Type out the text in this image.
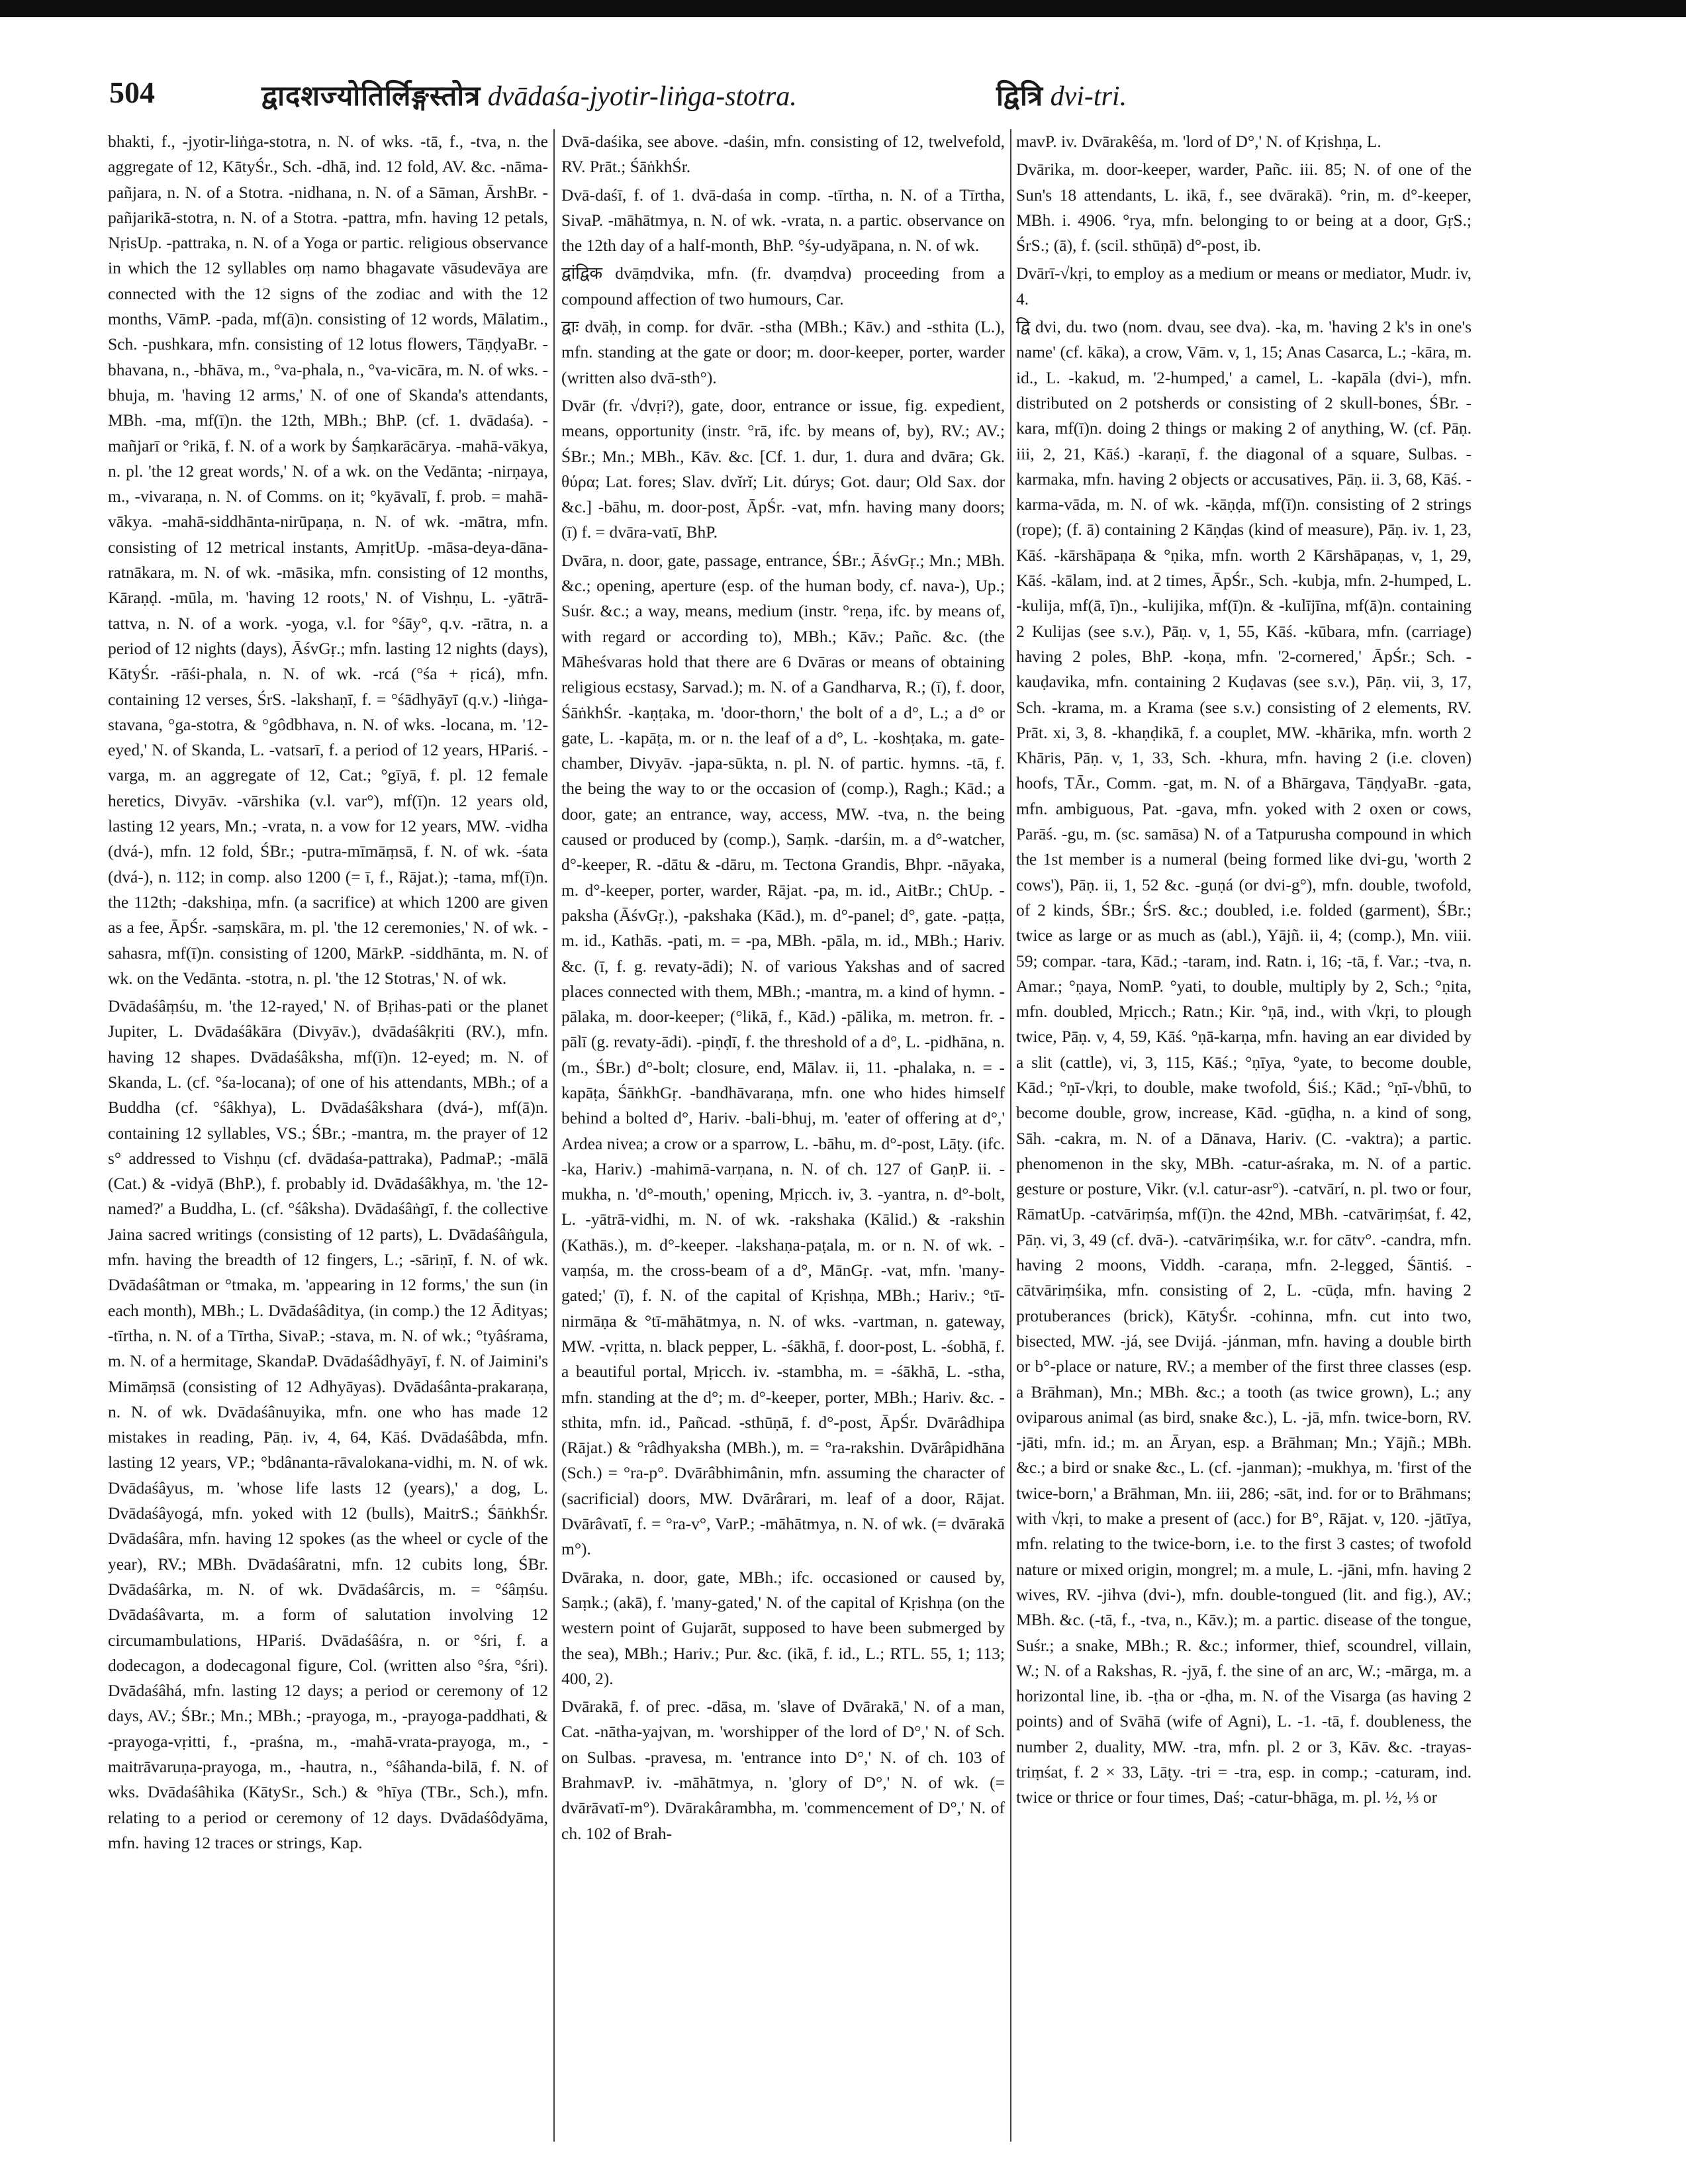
504	द्वादशज्योतिर्लिङ्गस्तोत्र dvādaśa-jyotir-liṅga-stotra.	द्वित्रि dvi-tri.

bhakti, f., -jyotir-liṅga-stotra, n. N. of wks. -tā, f., -tva, n. the aggregate of 12, KātyŚr., Sch. -dhā, ind. 12 fold, AV. &c. -nāma-pañjara, n. N. of a Stotra. -nidhana, n. N. of a Sāman, ĀrshBr. -pañjarikā-stotra, n. N. of a Stotra. -pattra, mfn. having 12 petals, NṛisUp. -pattraka, n. N. of a Yoga or partic. religious observance in which the 12 syllables oṃ namo bhagavate vāsudevāya are connected with the 12 signs of the zodiac and with the 12 months, VāmP. -pada, mf(ā)n. consisting of 12 words, Mālatim., Sch. -pushkara, mfn. consisting of 12 lotus flowers, TāṇḍyaBr. -bhavana, n., -bhāva, m., °va-phala, n., °va-vicāra, m. N. of wks. -bhuja, m. 'having 12 arms,' N. of one of Skanda's attendants, MBh. -ma, mf(ī)n. the 12th, MBh.; BhP. (cf. 1. dvādaśa). -mañjarī or °rikā, f. N. of a work by Śaṃkarācārya. -mahā-vākya, n. pl. 'the 12 great words,' N. of a wk. on the Vedānta; -nirṇaya, m., -vivaraṇa, n. N. of Comms. on it; °kyāvalī, f. prob. = mahā-vākya. -mahā-siddhānta-nirūpaṇa, n. N. of wk. -mātra, mfn. consisting of 12 metrical instants, AmṛitUp. -māsa-deya-dāna-ratnākara, m. N. of wk. -māsika, mfn. consisting of 12 months, Kāraṇḍ. -mūla, m. 'having 12 roots,' N. of Vishṇu, L. -yātrā-tattva, n. N. of a work. -yoga, v.l. for °śāy°, q.v. -rātra, n. a period of 12 nights (days), ĀśvGṛ.; mfn. lasting 12 nights (days), KātyŚr. -rāśi-phala, n. N. of wk. -rcá (°śa + ṛicá), mfn. containing 12 verses, ŚrS. -lakshaṇī, f. = °śādhyāyī (q.v.) -liṅga-stavana, °ga-stotra, & °gôdbhava, n. N. of wks. -locana, m. '12-eyed,' N. of Skanda, L. -vatsarī, f. a period of 12 years, HPariś. -varga, m. an aggregate of 12, Cat.; °gīyā, f. pl. 12 female heretics, Divyāv. -vārshika (v.l. var°), mf(ī)n. 12 years old, lasting 12 years, Mn.; -vrata, n. a vow for 12 years, MW. -vidha (dvá-), mfn. 12 fold, ŚBr.; -putra-mīmāṃsā, f. N. of wk. -śata (dvá-), n. 112; in comp. also 1200 (= ī, f., Rājat.); -tama, mf(ī)n. the 112th; -dakshiṇa, mfn. (a sacrifice) at which 1200 are given as a fee, ĀpŚr. -saṃskāra, m. pl. 'the 12 ceremonies,' N. of wk. -sahasra, mf(ī)n. consisting of 1200, MārkP. -siddhānta, m. N. of wk. on the Vedānta. -stotra, n. pl. 'the 12 Stotras,' N. of wk.

Dvādaśâṃśu, m. 'the 12-rayed,' N. of Bṛihas-pati or the planet Jupiter, L. Dvādaśâkāra (Divyāv.), dvādaśâkṛiti (RV.), mfn. having 12 shapes. Dvādaśâksha, mf(ī)n. 12-eyed; m. N. of Skanda, L. (cf. °śa-locana); of one of his attendants, MBh.; of a Buddha (cf. °śâkhya), L. Dvādaśâkshara (dvá-), mf(ā)n. containing 12 syllables, VS.; ŚBr.; -mantra, m. the prayer of 12 s° addressed to Vishṇu (cf. dvādaśa-pattraka), PadmaP.; -mālā (Cat.) & -vidyā (BhP.), f. probably id. Dvādaśâkhya, m. 'the 12-named?' a Buddha, L. (cf. °śâksha). Dvādaśâṅgī, f. the collective Jaina sacred writings (consisting of 12 parts), L. Dvādaśâṅgula, mfn. having the breadth of 12 fingers, L.; -sāriṇī, f. N. of wk. Dvādaśâtman or °tmaka, m. 'appearing in 12 forms,' the sun (in each month), MBh.; L. Dvādaśâditya, (in comp.) the 12 Ādityas; -tīrtha, n. N. of a Tīrtha, SivaP.; -stava, m. N. of wk.; °tyâśrama, m. N. of a hermitage, SkandaP. Dvādaśâdhyāyī, f. N. of Jaimini's Mimāṃsā (consisting of 12 Adhyāyas). Dvādaśânta-prakaraṇa, n. N. of wk. Dvādaśânuyika, mfn. one who has made 12 mistakes in reading, Pāṇ. iv, 4, 64, Kāś. Dvādaśâbda, mfn. lasting 12 years, VP.; °bdânanta-rāvalokana-vidhi, m. N. of wk. Dvādaśâyus, m. 'whose life lasts 12 (years),' a dog, L. Dvādaśâyogá, mfn. yoked with 12 (bulls), MaitrS.; ŚāṅkhŚr. Dvādaśâra, mfn. having 12 spokes (as the wheel or cycle of the year), RV.; MBh. Dvādaśâratni, mfn. 12 cubits long, ŚBr. Dvādaśârka, m. N. of wk. Dvādaśârcis, m. = °śâṃśu. Dvādaśâvarta, m. a form of salutation involving 12 circumambulations, HPariś. Dvādaśâśra, n. or °śri, f. a dodecagon, a dodecagonal figure, Col. (written also °śra, °śri). Dvādaśâhá, mfn. lasting 12 days; a period or ceremony of 12 days, AV.; ŚBr.; Mn.; MBh.; -prayoga, m., -prayoga-paddhati, & -prayoga-vṛitti, f., -praśna, m., -mahā-vrata-prayoga, m., -maitrāvaruṇa-prayoga, m., -hautra, n., °śâhanda-bilā, f. N. of wks. Dvādaśâhika (KātySr., Sch.) & °hīya (TBr., Sch.), mfn. relating to a period or ceremony of 12 days. Dvādaśôdyāma, mfn. having 12 traces or strings, Kap.

Dvā-daśika, see above. -daśin, mfn. consisting of 12, twelvefold, RV. Prāt.; ŚāṅkhŚr.

Dvā-daśī, f. of 1. dvā-daśa in comp. -tīrtha, n. N. of a Tīrtha, SivaP. -māhātmya, n. N. of wk. -vrata, n. a partic. observance on the 12th day of a half-month, BhP. °śy-udyāpana, n. N. of wk.

द्वांद्विक dvāṃdvika, mfn. (fr. dvaṃdva) proceeding from a compound affection of two humours, Car.

द्वाः dvāḥ, in comp. for dvār. -stha (MBh.; Kāv.) and -sthita (L.), mfn. standing at the gate or door; m. door-keeper, porter, warder (written also dvā-sth°).

Dvār (fr. √dvṛi?), gate, door, entrance or issue, fig. expedient, means, opportunity (instr. °rā, ifc. by means of, by), RV.; AV.; ŚBr.; Mn.; MBh., Kāv. &c. [Cf. 1. dur, 1. dura and dvāra; Gk. θύρα; Lat. fores; Slav. dvĭrĭ; Lit. dúrys; Got. daur; Old Sax. dor &c.] -bāhu, m. door-post, ĀpŚr. -vat, mfn. having many doors; (ī) f. = dvāra-vatī, BhP.

Dvāra, n. door, gate, passage, entrance, ŚBr.; ĀśvGṛ.; Mn.; MBh. &c.; opening, aperture (esp. of the human body, cf. nava-), Up.; Suśr. &c.; a way, means, medium (instr. °reṇa, ifc. by means of, with regard or according to), MBh.; Kāv.; Pañc. &c. (the Māheśvaras hold that there are 6 Dvāras or means of obtaining religious ecstasy, Sarvad.); m. N. of a Gandharva, R.; (ī), f. door, ŚāṅkhŚr. -kaṇṭaka, m. 'door-thorn,' the bolt of a d°, L.; a d° or gate, L. -kapāṭa, m. or n. the leaf of a d°, L. -koshṭaka, m. gate-chamber, Divyāv. -japa-sūkta, n. pl. N. of partic. hymns. -tā, f. the being the way to or the occasion of (comp.), Ragh.; Kād.; a door, gate; an entrance, way, access, MW. -tva, n. the being caused or produced by (comp.), Saṃk. -darśin, m. a d°-watcher, d°-keeper, R. -dātu & -dāru, m. Tectona Grandis, Bhpr. -nāyaka, m. d°-keeper, porter, warder, Rājat. -pa, m. id., AitBr.; ChUp. -paksha (ĀśvGṛ.), -pakshaka (Kād.), m. d°-panel; d°, gate. -paṭṭa, m. id., Kathās. -pati, m. = -pa, MBh. -pāla, m. id., MBh.; Hariv. &c. (ī, f. g. revaty-ādi); N. of various Yakshas and of sacred places connected with them, MBh.; -mantra, m. a kind of hymn. -pālaka, m. door-keeper; (°likā, f., Kād.) -pālika, m. metron. fr. -pālī (g. revaty-ādi). -piṇḍī, f. the threshold of a d°, L. -pidhāna, n. (m., ŚBr.) d°-bolt; closure, end, Mālav. ii, 11. -phalaka, n. = -kapāṭa, ŚāṅkhGṛ. -bandhāvaraṇa, mfn. one who hides himself behind a bolted d°, Hariv. -bali-bhuj, m. 'eater of offering at d°,' Ardea nivea; a crow or a sparrow, L. -bāhu, m. d°-post, Lāṭy. (ifc. -ka, Hariv.) -mahimā-varṇana, n. N. of ch. 127 of GaṇP. ii. -mukha, n. 'd°-mouth,' opening, Mṛicch. iv, 3. -yantra, n. d°-bolt, L. -yātrā-vidhi, m. N. of wk. -rakshaka (Kālid.) & -rakshin (Kathās.), m. d°-keeper. -lakshaṇa-paṭala, m. or n. N. of wk. -vaṃśa, m. the cross-beam of a d°, MānGṛ. -vat, mfn. 'many-gated;' (ī), f. N. of the capital of Kṛishṇa, MBh.; Hariv.; °tī-nirmāṇa & °tī-māhātmya, n. N. of wks. -vartman, n. gateway, MW. -vṛitta, n. black pepper, L. -śākhā, f. door-post, L. -śobhā, f. a beautiful portal, Mṛicch. iv. -stambha, m. = -śākhā, L. -stha, mfn. standing at the d°; m. d°-keeper, porter, MBh.; Hariv. &c. -sthita, mfn. id., Pañcad. -sthūṇā, f. d°-post, ĀpŚr. Dvārâdhipa (Rājat.) & °râdhyaksha (MBh.), m. = °ra-rakshin. Dvārâpidhāna (Sch.) = °ra-p°. Dvārâbhimânin, mfn. assuming the character of (sacrificial) doors, MW. Dvārârari, m. leaf of a door, Rājat. Dvārâvatī, f. = °ra-v°, VarP.; -māhātmya, n. N. of wk. (= dvārakā m°).

Dvāraka, n. door, gate, MBh.; ifc. occasioned or caused by, Saṃk.; (akā), f. 'many-gated,' N. of the capital of Kṛishṇa (on the western point of Gujarāt, supposed to have been submerged by the sea), MBh.; Hariv.; Pur. &c. (ikā, f. id., L.; RTL. 55, 1; 113; 400, 2).

Dvārakā, f. of prec. -dāsa, m. 'slave of Dvārakā,' N. of a man, Cat. -nātha-yajvan, m. 'worshipper of the lord of D°,' N. of Sch. on Sulbas. -pravesa, m. 'entrance into D°,' N. of ch. 103 of BrahmavP. iv. -māhātmya, n. 'glory of D°,' N. of wk. (= dvārāvatī-m°). Dvārakârambha, m. 'commencement of D°,' N. of ch. 102 of Brah-

mavP. iv. Dvārakêśa, m. 'lord of D°,' N. of Kṛishṇa, L.

Dvārika, m. door-keeper, warder, Pañc. iii. 85; N. of one of the Sun's 18 attendants, L. ikā, f., see dvārakā). °rin, m. d°-keeper, MBh. i. 4906. °rya, mfn. belonging to or being at a door, GṛS.; ŚrS.; (ā), f. (scil. sthūṇā) d°-post, ib.

Dvārī-√kṛi, to employ as a medium or means or mediator, Mudr. iv, 4.

द्वि dvi, du. two (nom. dvau, see dva). -ka, m. 'having 2 k's in one's name' (cf. kāka), a crow, Vām. v, 1, 15; Anas Casarca, L.; -kāra, m. id., L. -kakud, m. '2-humped,' a camel, L. -kapāla (dvi-), mfn. distributed on 2 potsherds or consisting of 2 skull-bones, ŚBr. -kara, mf(ī)n. doing 2 things or making 2 of anything, W. (cf. Pāṇ. iii, 2, 21, Kāś.) -karaṇī, f. the diagonal of a square, Sulbas. -karmaka, mfn. having 2 objects or accusatives, Pāṇ. ii. 3, 68, Kāś. -karma-vāda, m. N. of wk. -kāṇḍa, mf(ī)n. consisting of 2 strings (rope); (f. ā) containing 2 Kāṇḍas (kind of measure), Pāṇ. iv. 1, 23, Kāś. -kārshāpaṇa & °ṇika, mfn. worth 2 Kārshāpaṇas, v, 1, 29, Kāś. -kālam, ind. at 2 times, ĀpŚr., Sch. -kubja, mfn. 2-humped, L. -kulija, mf(ā, ī)n., -kulijika, mf(ī)n. & -kulījīna, mf(ā)n. containing 2 Kulijas (see s.v.), Pāṇ. v, 1, 55, Kāś. -kūbara, mfn. (carriage) having 2 poles, BhP. -koṇa, mfn. '2-cornered,' ĀpŚr.; Sch. -kauḍavika, mfn. containing 2 Kuḍavas (see s.v.), Pāṇ. vii, 3, 17, Sch. -krama, m. a Krama (see s.v.) consisting of 2 elements, RV. Prāt. xi, 3, 8. -khaṇḍikā, f. a couplet, MW. -khārika, mfn. worth 2 Khāris, Pāṇ. v, 1, 33, Sch. -khura, mfn. having 2 (i.e. cloven) hoofs, TĀr., Comm. -gat, m. N. of a Bhārgava, TāṇḍyaBr. -gata, mfn. ambiguous, Pat. -gava, mfn. yoked with 2 oxen or cows, Parāś. -gu, m. (sc. samāsa) N. of a Tatpurusha compound in which the 1st member is a numeral (being formed like dvi-gu, 'worth 2 cows'), Pāṇ. ii, 1, 52 &c. -guṇá (or dvi-g°), mfn. double, twofold, of 2 kinds, ŚBr.; ŚrS. &c.; doubled, i.e. folded (garment), ŚBr.; twice as large or as much as (abl.), Yājñ. ii, 4; (comp.), Mn. viii. 59; compar. -tara, Kād.; -taram, ind. Ratn. i, 16; -tā, f. Var.; -tva, n. Amar.; °ṇaya, NomP. °yati, to double, multiply by 2, Sch.; °ṇita, mfn. doubled, Mṛicch.; Ratn.; Kir. °ṇā, ind., with √kṛi, to plough twice, Pāṇ. v, 4, 59, Kāś. °ṇā-karṇa, mfn. having an ear divided by a slit (cattle), vi, 3, 115, Kāś.; °ṇīya, °yate, to become double, Kād.; °ṇī-√kṛi, to double, make twofold, Śiś.; Kād.; °ṇī-√bhū, to become double, grow, increase, Kād. -gūḍha, n. a kind of song, Sāh. -cakra, m. N. of a Dānava, Hariv. (C. -vaktra); a partic. phenomenon in the sky, MBh. -catur-aśraka, m. N. of a partic. gesture or posture, Vikr. (v.l. catur-asr°). -catvārí, n. pl. two or four, RāmatUp. -catvāriṃśa, mf(ī)n. the 42nd, MBh. -catvāriṃśat, f. 42, Pāṇ. vi, 3, 49 (cf. dvā-). -catvāriṃśika, w.r. for cātv°. -candra, mfn. having 2 moons, Viddh. -caraṇa, mfn. 2-legged, Śāntiś. -cātvāriṃśika, mfn. consisting of 2, L. -cūḍa, mfn. having 2 protuberances (brick), KātyŚr. -cohinna, mfn. cut into two, bisected, MW. -já, see Dvijá. -jánman, mfn. having a double birth or b°-place or nature, RV.; a member of the first three classes (esp. a Brāhman), Mn.; MBh. &c.; a tooth (as twice grown), L.; any oviparous animal (as bird, snake &c.), L. -jā, mfn. twice-born, RV. -jāti, mfn. id.; m. an Āryan, esp. a Brāhman; Mn.; Yājñ.; MBh. &c.; a bird or snake &c., L. (cf. -janman); -mukhya, m. 'first of the twice-born,' a Brāhman, Mn. iii, 286; -sāt, ind. for or to Brāhmans; with √kṛi, to make a present of (acc.) for B°, Rājat. v, 120. -jātīya, mfn. relating to the twice-born, i.e. to the first 3 castes; of twofold nature or mixed origin, mongrel; m. a mule, L. -jāni, mfn. having 2 wives, RV. -jihva (dvi-), mfn. double-tongued (lit. and fig.), AV.; MBh. &c. (-tā, f., -tva, n., Kāv.); m. a partic. disease of the tongue, Suśr.; a snake, MBh.; R. &c.; informer, thief, scoundrel, villain, W.; N. of a Rakshas, R. -jyā, f. the sine of an arc, W.; -mārga, m. a horizontal line, ib. -ṭha or -ḍha, m. N. of the Visarga (as having 2 points) and of Svāhā (wife of Agni), L. -1. -tā, f. doubleness, the number 2, duality, MW. -tra, mfn. pl. 2 or 3, Kāv. &c. -trayas-triṃśat, f. 2 × 33, Lāṭy. -tri = -tra, esp. in comp.; -caturam, ind. twice or thrice or four times, Daś; -catur-bhāga, m. pl. ½, ⅓ or
